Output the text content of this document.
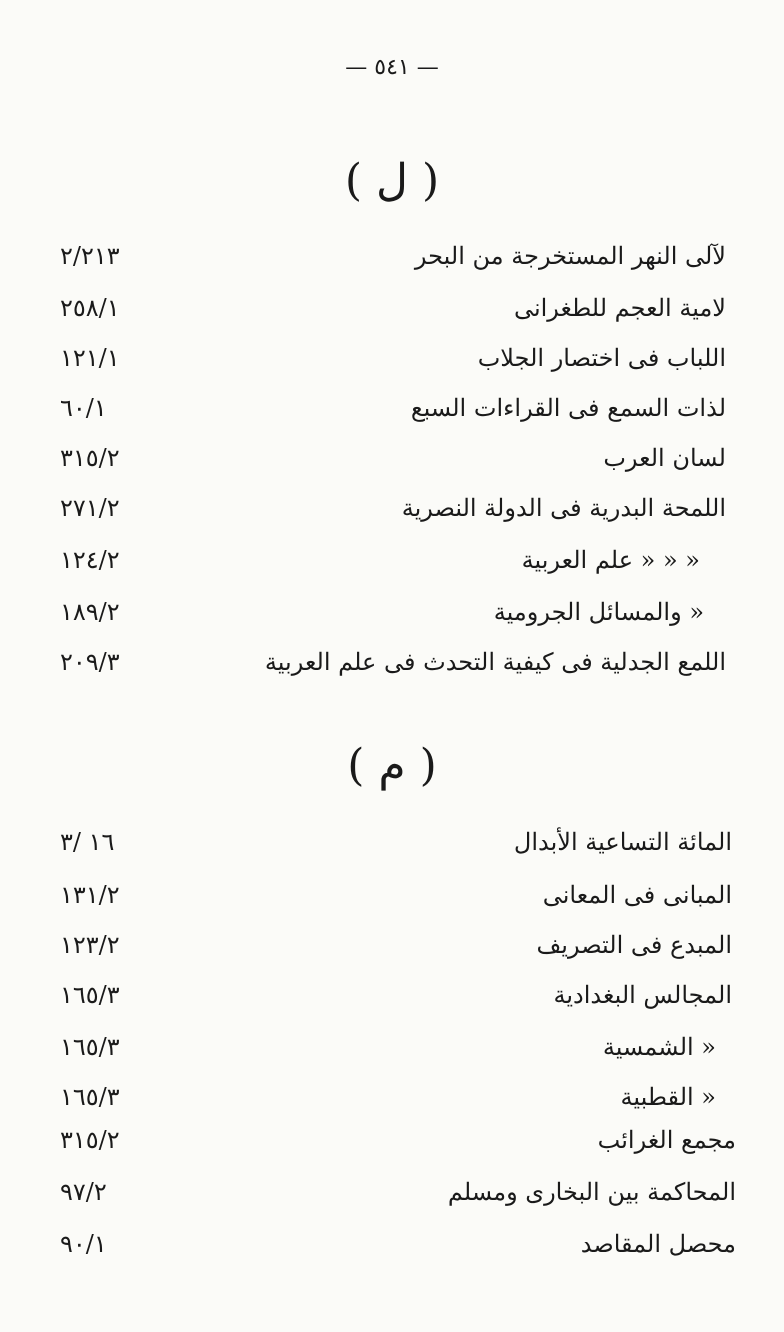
— ٥٤١ —
( ل )
لآلى النهر المستخرجة من البحر
٢/٢١٣
لامية العجم للطغرانى
٢٥٨/١
اللباب فى اختصار الجلاب
١٢١/١
لذات السمع فى القراءات السبع
٦٠/١
لسان العرب
٣١٥/٢
اللمحة البدرية فى الدولة النصرية
٢٧١/٢
« « « علم العربية
١٢٤/٢
« والمسائل الجرومية
١٨٩/٢
اللمع الجدلية فى كيفية التحدث فى علم العربية
٢٠٩/٣
( م )
المائة التساعية الأبدال
١٦ /٣
المبانى فى المعانى
١٣١/٢
المبدع فى التصريف
١٢٣/٢
المجالس البغدادية
١٦٥/٣
« الشمسية
١٦٥/٣
« القطبية
١٦٥/٣
مجمع الغرائب
٣١٥/٢
المحاكمة بين البخارى ومسلم
٩٧/٢
محصل المقاصد
٩٠/١
